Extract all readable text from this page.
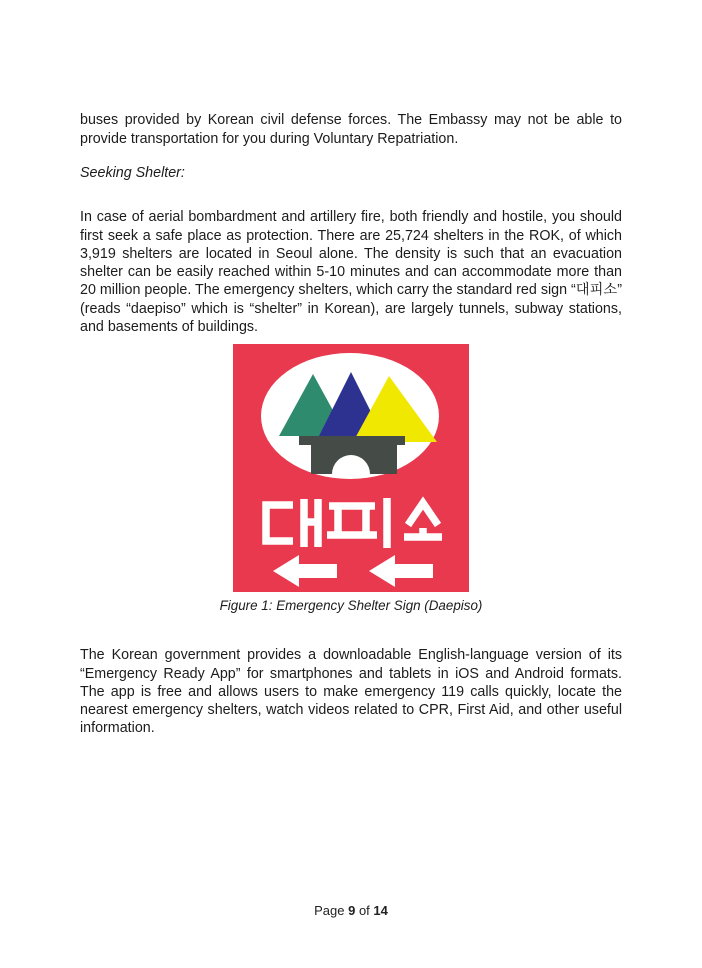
buses provided by Korean civil defense forces. The Embassy may not be able to provide transportation for you during Voluntary Repatriation.

Seeking Shelter:

In case of aerial bombardment and artillery fire, both friendly and hostile, you should first seek a safe place as protection. There are 25,724 shelters in the ROK, of which 3,919 shelters are located in Seoul alone. The density is such that an evacuation shelter can be easily reached within 5-10 minutes and can accommodate more than 20 million people. The emergency shelters, which carry the standard red sign “대피소” (reads “daepiso” which is “shelter” in Korean), are largely tunnels, subway stations, and basements of buildings.

Figure 1: Emergency Shelter Sign (Daepiso)

The Korean government provides a downloadable English-language version of its “Emergency Ready App” for smartphones and tablets in iOS and Android formats. The app is free and allows users to make emergency 119 calls quickly, locate the nearest emergency shelters, watch videos related to CPR, First Aid, and other useful information.

Page 9 of 14
